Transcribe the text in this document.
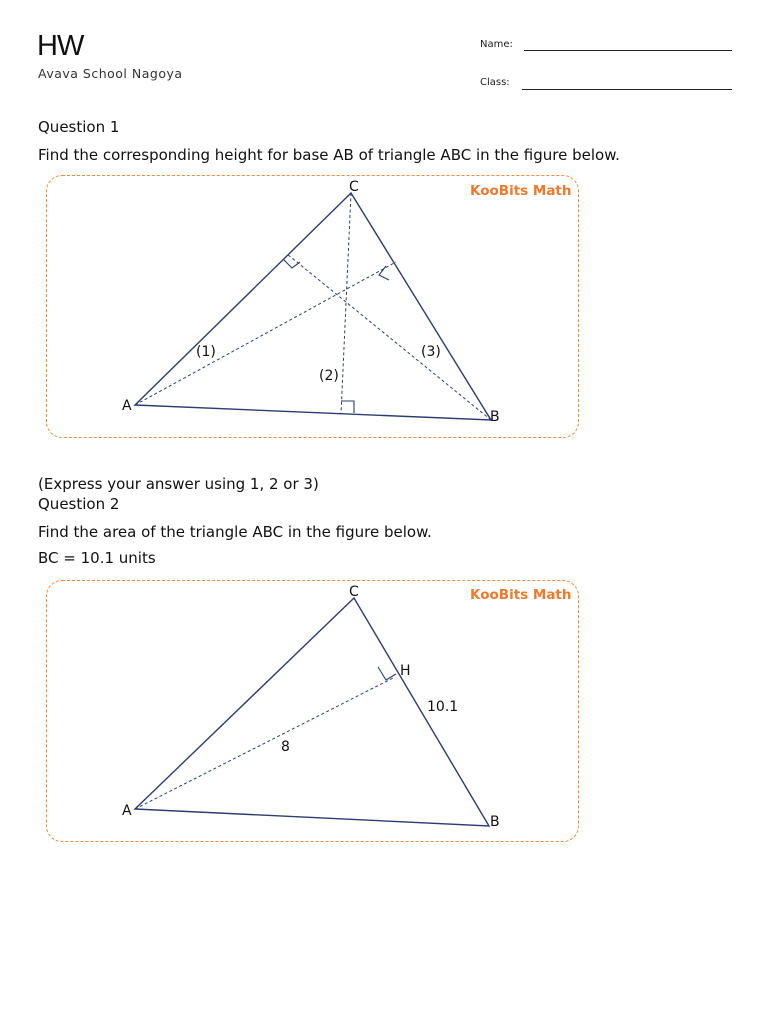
HW
Avava School Nagoya
Name:
Class:
Question 1
Find the corresponding height for base AB of triangle ABC in the figure below.
KooBits Math
A
B
C
(1)
(2)
(3)
(Express your answer using 1, 2 or 3)
Question 2
Find the area of the triangle ABC in the figure below.
BC = 10.1 units
KooBits Math
A
B
C
H
10.1
8
